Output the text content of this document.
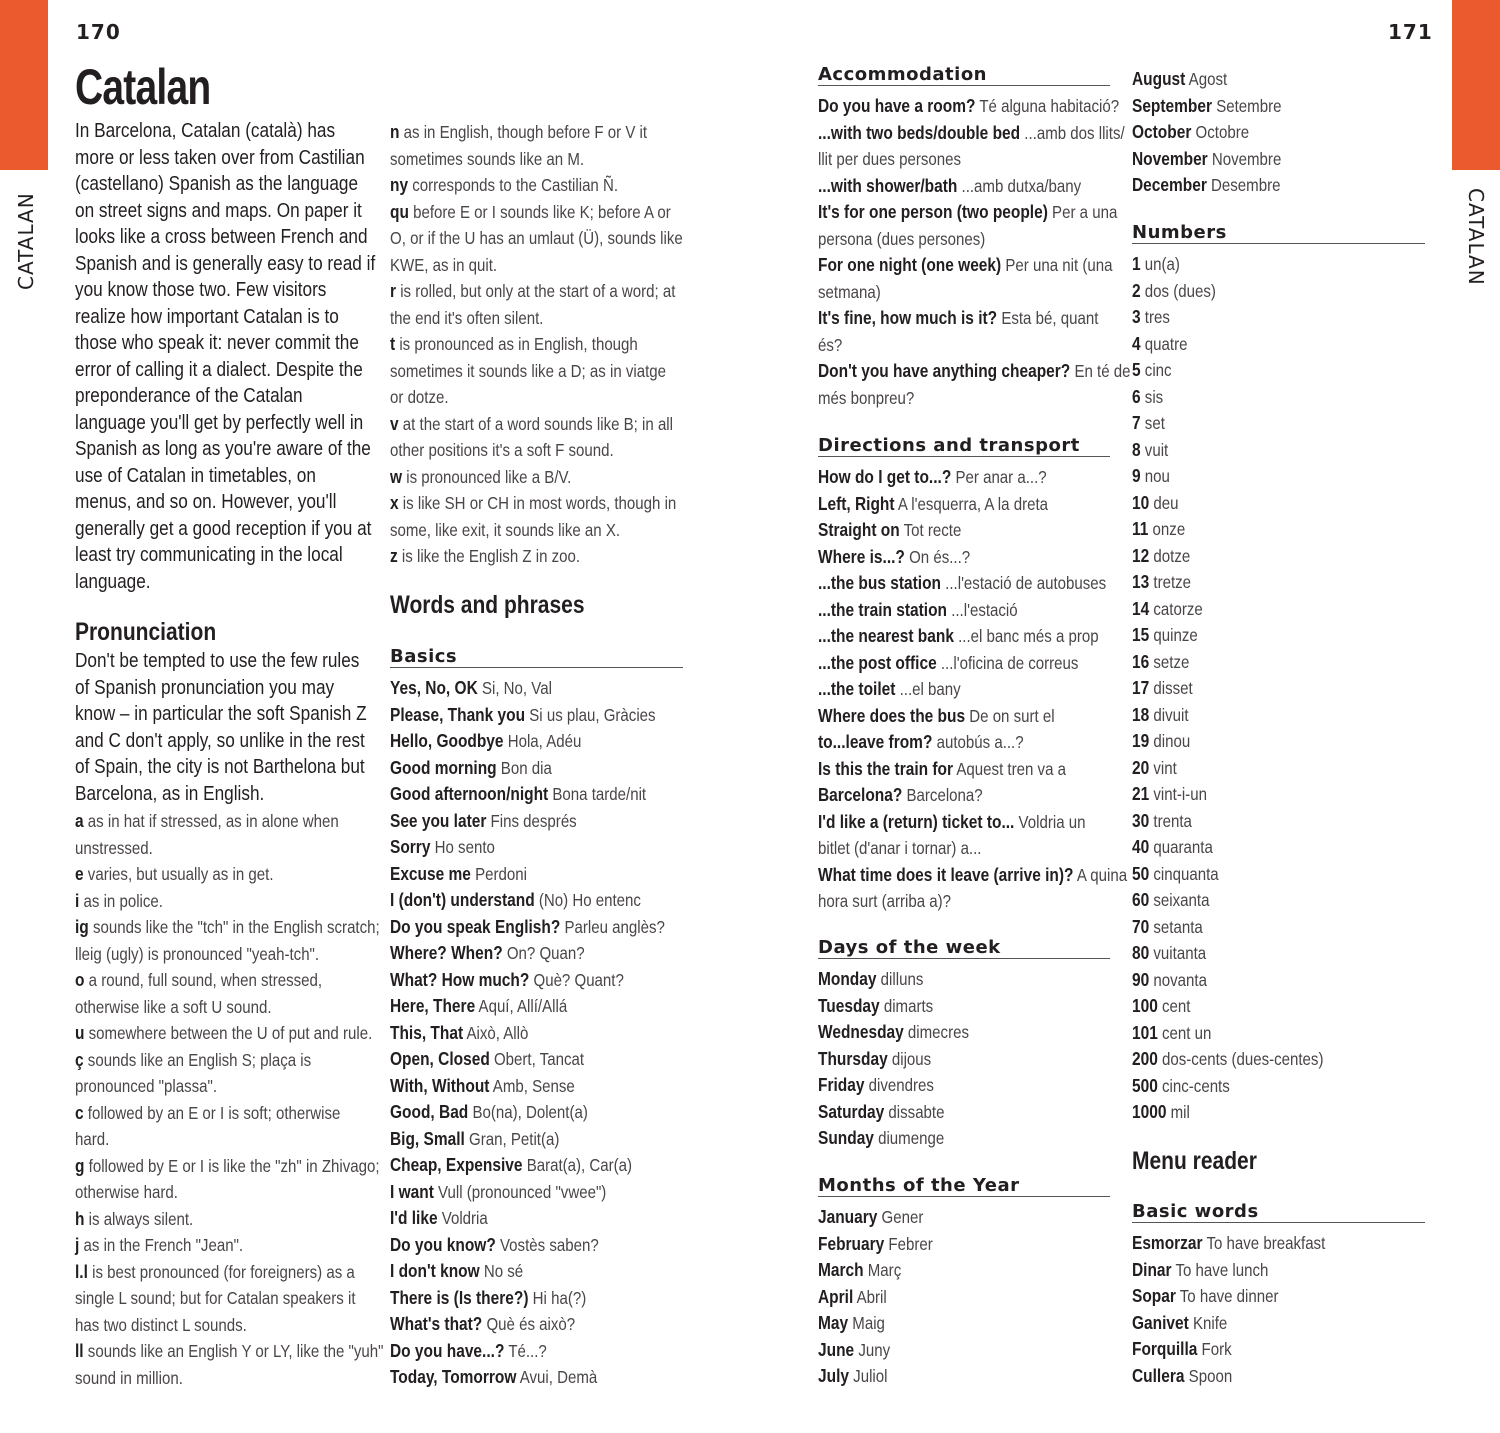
CATALAN	CATALAN
170	171
Catalan

In Barcelona, Catalan (català) has more or less taken over from Castilian (castellano) Spanish as the language on street signs and maps. On paper it looks like a cross between French and Spanish and is generally easy to read if you know those two. Few visitors realize how important Catalan is to those who speak it: never commit the error of calling it a dialect. Despite the preponderance of the Catalan language you'll get by perfectly well in Spanish as long as you're aware of the use of Catalan in timetables, on menus, and so on. However, you'll generally get a good reception if you at least try communicating in the local language.

Pronunciation

Don't be tempted to use the few rules of Spanish pronunciation you may know – in particular the soft Spanish Z and C don't apply, so unlike in the rest of Spain, the city is not Barthelona but Barcelona, as in English.

a as in hat if stressed, as in alone when
unstressed.
e varies, but usually as in get.
i as in police.
ig sounds like the "tch" in the English scratch;
lleig (ugly) is pronounced "yeah-tch".
o a round, full sound, when stressed,
otherwise like a soft U sound.
u somewhere between the U of put and rule.
ç sounds like an English S; plaça is
pronounced "plassa".
c followed by an E or I is soft; otherwise
hard.
g followed by E or I is like the "zh" in Zhivago;
otherwise hard.
h is always silent.
j as in the French "Jean".
l.l is best pronounced (for foreigners) as a
single L sound; but for Catalan speakers it
has two distinct L sounds.
ll sounds like an English Y or LY, like the "yuh"
sound in million.
n as in English, though before F or V it
sometimes sounds like an M.
ny corresponds to the Castilian Ñ.
qu before E or I sounds like K; before A or
O, or if the U has an umlaut (Ü), sounds like
KWE, as in quit.
r is rolled, but only at the start of a word; at
the end it's often silent.
t is pronounced as in English, though
sometimes it sounds like a D; as in viatge
or dotze.
v at the start of a word sounds like B; in all
other positions it's a soft F sound.
w is pronounced like a B/V.
x is like SH or CH in most words, though in
some, like exit, it sounds like an X.
z is like the English Z in zoo.
Words and phrases
Basics
Yes, No, OK Si, No, Val
Please, Thank you Si us plau, Gràcies
Hello, Goodbye Hola, Adéu
Good morning Bon dia
Good afternoon/night Bona tarde/nit
See you later Fins després
Sorry Ho sento
Excuse me Perdoni
I (don't) understand (No) Ho entenc
Do you speak English? Parleu anglès?
Where? When? On? Quan?
What? How much? Què? Quant?
Here, There Aquí, Allí/Allá
This, That Això, Allò
Open, Closed Obert, Tancat
With, Without Amb, Sense
Good, Bad Bo(na), Dolent(a)
Big, Small Gran, Petit(a)
Cheap, Expensive Barat(a), Car(a)
I want Vull (pronounced "vwee")
I'd like Voldria
Do you know? Vostès saben?
I don't know No sé
There is (Is there?) Hi ha(?)
What's that? Què és això?
Do you have...? Té...?
Today, Tomorrow Avui, Demà
Accommodation
Do you have a room? Té alguna habitació?
...with two beds/double bed ...amb dos llits/
llit per dues persones
...with shower/bath ...amb dutxa/bany
It's for one person (two people) Per a una
persona (dues persones)
For one night (one week) Per una nit (una
setmana)
It's fine, how much is it? Esta bé, quant
és?
Don't you have anything cheaper? En té de
més bonpreu?
Directions and transport
How do I get to...? Per anar a...?
Left, Right A l'esquerra, A la dreta
Straight on Tot recte
Where is...? On és...?
...the bus station ...l'estació de autobuses
...the train station ...l'estació
...the nearest bank ...el banc més a prop
...the post office ...l'oficina de correus
...the toilet ...el bany
Where does the bus De on surt el
to...leave from? autobús a...?
Is this the train for Aquest tren va a
Barcelona? Barcelona?
I'd like a (return) ticket to... Voldria un
bitlet (d'anar i tornar) a...
What time does it leave (arrive in)? A quina
hora surt (arriba a)?
Days of the week
Monday dilluns
Tuesday dimarts
Wednesday dimecres
Thursday dijous
Friday divendres
Saturday dissabte
Sunday diumenge
Months of the Year
January Gener
February Febrer
March Març
April Abril
May Maig
June Juny
July Juliol
August Agost
September Setembre
October Octobre
November Novembre
December Desembre
Numbers
1 un(a)
2 dos (dues)
3 tres
4 quatre
5 cinc
6 sis
7 set
8 vuit
9 nou
10 deu
11 onze
12 dotze
13 tretze
14 catorze
15 quinze
16 setze
17 disset
18 divuit
19 dinou
20 vint
21 vint-i-un
30 trenta
40 quaranta
50 cinquanta
60 seixanta
70 setanta
80 vuitanta
90 novanta
100 cent
101 cent un
200 dos-cents (dues-centes)
500 cinc-cents
1000 mil
Menu reader
Basic words
Esmorzar To have breakfast
Dinar To have lunch
Sopar To have dinner
Ganivet Knife
Forquilla Fork
Cullera Spoon
